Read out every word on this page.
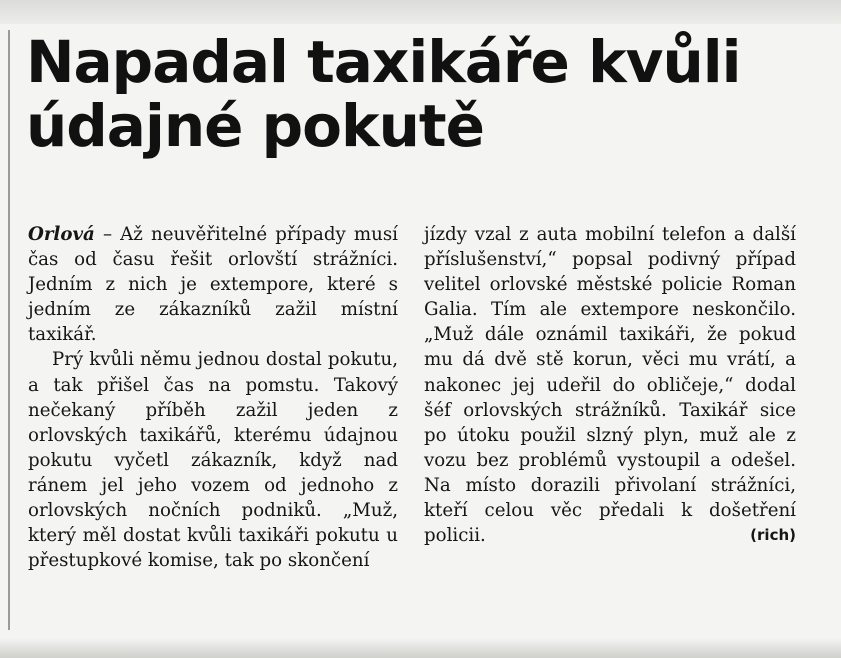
Napadal taxikáře kvůli
údajné pokutě

Orlová – Až neuvěřitelné případy musí čas od času řešit orlovští strážníci. Jedním z nich je extempore, které s jedním ze zákazníků zažil místní taxikář.

Prý kvůli němu jednou dostal pokutu, a tak přišel čas na pomstu. Takový nečekaný příběh zažil jeden z orlovských taxikářů, kterému údajnou pokutu vyčetl zákazník, když nad ránem jel jeho vozem od jednoho z orlovských nočních podniků. „Muž, který měl dostat kvůli taxikáři pokutu u přestupkové komise, tak po skončení

jízdy vzal z auta mobilní telefon a další příslušenství,“ popsal podivný případ velitel orlovské městské policie Roman Galia. Tím ale extempore neskončilo. „Muž dále oznámil taxikáři, že pokud mu dá dvě stě korun, věci mu vrátí, a nakonec jej udeřil do obličeje,“ dodal šéf orlovských strážníků. Taxikář sice po útoku použil slzný plyn, muž ale z vozu bez problémů vystoupil a odešel. Na místo dorazili přivolaní strážníci, kteří celou věc předali k došetření policii.	(rich)
